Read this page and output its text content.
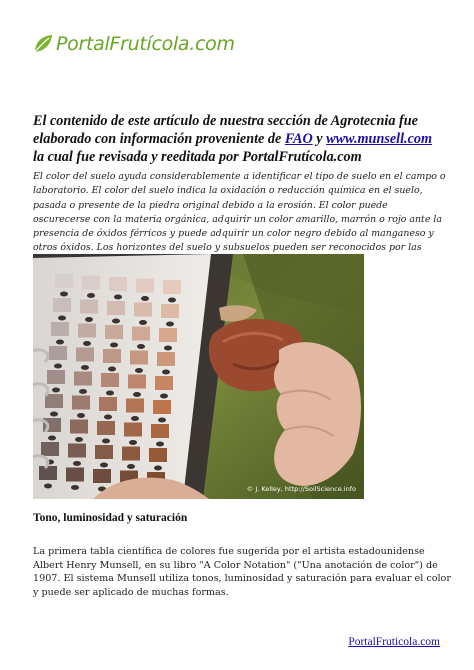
PortalFrutícola.com
El contenido de este artículo de nuestra sección de Agrotecnia fue elaborado con información proveniente de FAO y www.munsell.com la cual fue revisada y reeditada por PortalFrutícola.com

El color del suelo ayuda considerablemente a identificar el tipo de suelo en el campo o laboratorio. El color del suelo indica la oxidación o reducción química en el suelo, pasada o presente de la piedra original debido a la erosión. El color puede oscurecerse con la materia orgánica, adquirir un color amarillo, marrón o rojo ante la presencia de óxidos férricos y puede adquirir un color negro debido al manganeso y otros óxidos. Los horizontes del suelo y subsuelos pueden ser reconocidos por las

© J. Kelley, http://SoilScience.info
Tono, luminosidad y saturación

La primera tabla científica de colores fue sugerida por el artista estadounidense Albert Henry Munsell, en su libro "A Color Notation" ("Una anotación de color") de 1907. El sistema Munsell utiliza tonos, luminosidad y saturación para evaluar el color y puede ser aplicado de muchas formas.

PortalFruticola.com
